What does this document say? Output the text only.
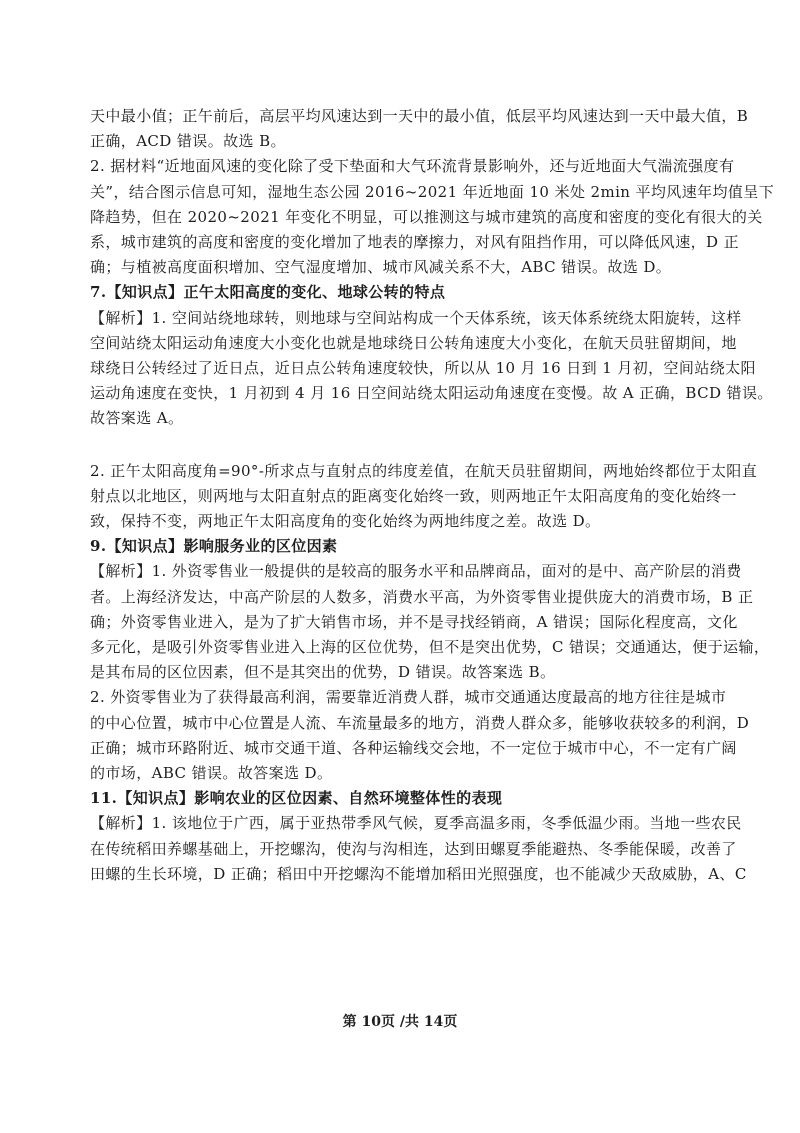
天中最小值；正午前后，高层平均风速达到一天中的最小值，低层平均风速达到一天中最大值，B
正确，ACD 错误。故选 B。
2. 据材料“近地面风速的变化除了受下垫面和大气环流背景影响外，还与近地面大气湍流强度有
关”，结合图示信息可知，湿地生态公园 2016~2021 年近地面 10 米处 2min 平均风速年均值呈下
降趋势，但在 2020~2021 年变化不明显，可以推测这与城市建筑的高度和密度的变化有很大的关
系，城市建筑的高度和密度的变化增加了地表的摩擦力，对风有阻挡作用，可以降低风速，D 正
确；与植被高度面积增加、空气湿度增加、城市风减关系不大，ABC 错误。故选 D。
7.【知识点】正午太阳高度的变化、地球公转的特点
【解析】1. 空间站绕地球转，则地球与空间站构成一个天体系统，该天体系统绕太阳旋转，这样
空间站绕太阳运动角速度大小变化也就是地球绕日公转角速度大小变化，在航天员驻留期间，地
球绕日公转经过了近日点，近日点公转角速度较快，所以从 10 月 16 日到 1 月初，空间站绕太阳
运动角速度在变快，1 月初到 4 月 16 日空间站绕太阳运动角速度在变慢。故 A 正确，BCD 错误。
故答案选 A。
2. 正午太阳高度角=90°-所求点与直射点的纬度差值，在航天员驻留期间，两地始终都位于太阳直
射点以北地区，则两地与太阳直射点的距离变化始终一致，则两地正午太阳高度角的变化始终一
致，保持不变，两地正午太阳高度角的变化始终为两地纬度之差。故选 D。
9.【知识点】影响服务业的区位因素
【解析】1. 外资零售业一般提供的是较高的服务水平和品牌商品，面对的是中、高产阶层的消费
者。上海经济发达，中高产阶层的人数多，消费水平高，为外资零售业提供庞大的消费市场，B 正
确；外资零售业进入，是为了扩大销售市场，并不是寻找经销商，A 错误；国际化程度高，文化
多元化，是吸引外资零售业进入上海的区位优势，但不是突出优势，C 错误；交通通达，便于运输，
是其布局的区位因素，但不是其突出的优势，D 错误。故答案选 B。
2. 外资零售业为了获得最高利润，需要靠近消费人群，城市交通通达度最高的地方往往是城市
的中心位置，城市中心位置是人流、车流量最多的地方，消费人群众多，能够收获较多的利润，D
正确；城市环路附近、城市交通干道、各种运输线交会地，不一定位于城市中心，不一定有广阔
的市场，ABC 错误。故答案选 D。
11.【知识点】影响农业的区位因素、自然环境整体性的表现
【解析】1. 该地位于广西，属于亚热带季风气候，夏季高温多雨，冬季低温少雨。当地一些农民
在传统稻田养螺基础上，开挖螺沟，使沟与沟相连，达到田螺夏季能避热、冬季能保暖，改善了
田螺的生长环境，D 正确；稻田中开挖螺沟不能增加稻田光照强度，也不能减少天敌威胁，A、C
第 10页 /共 14页
